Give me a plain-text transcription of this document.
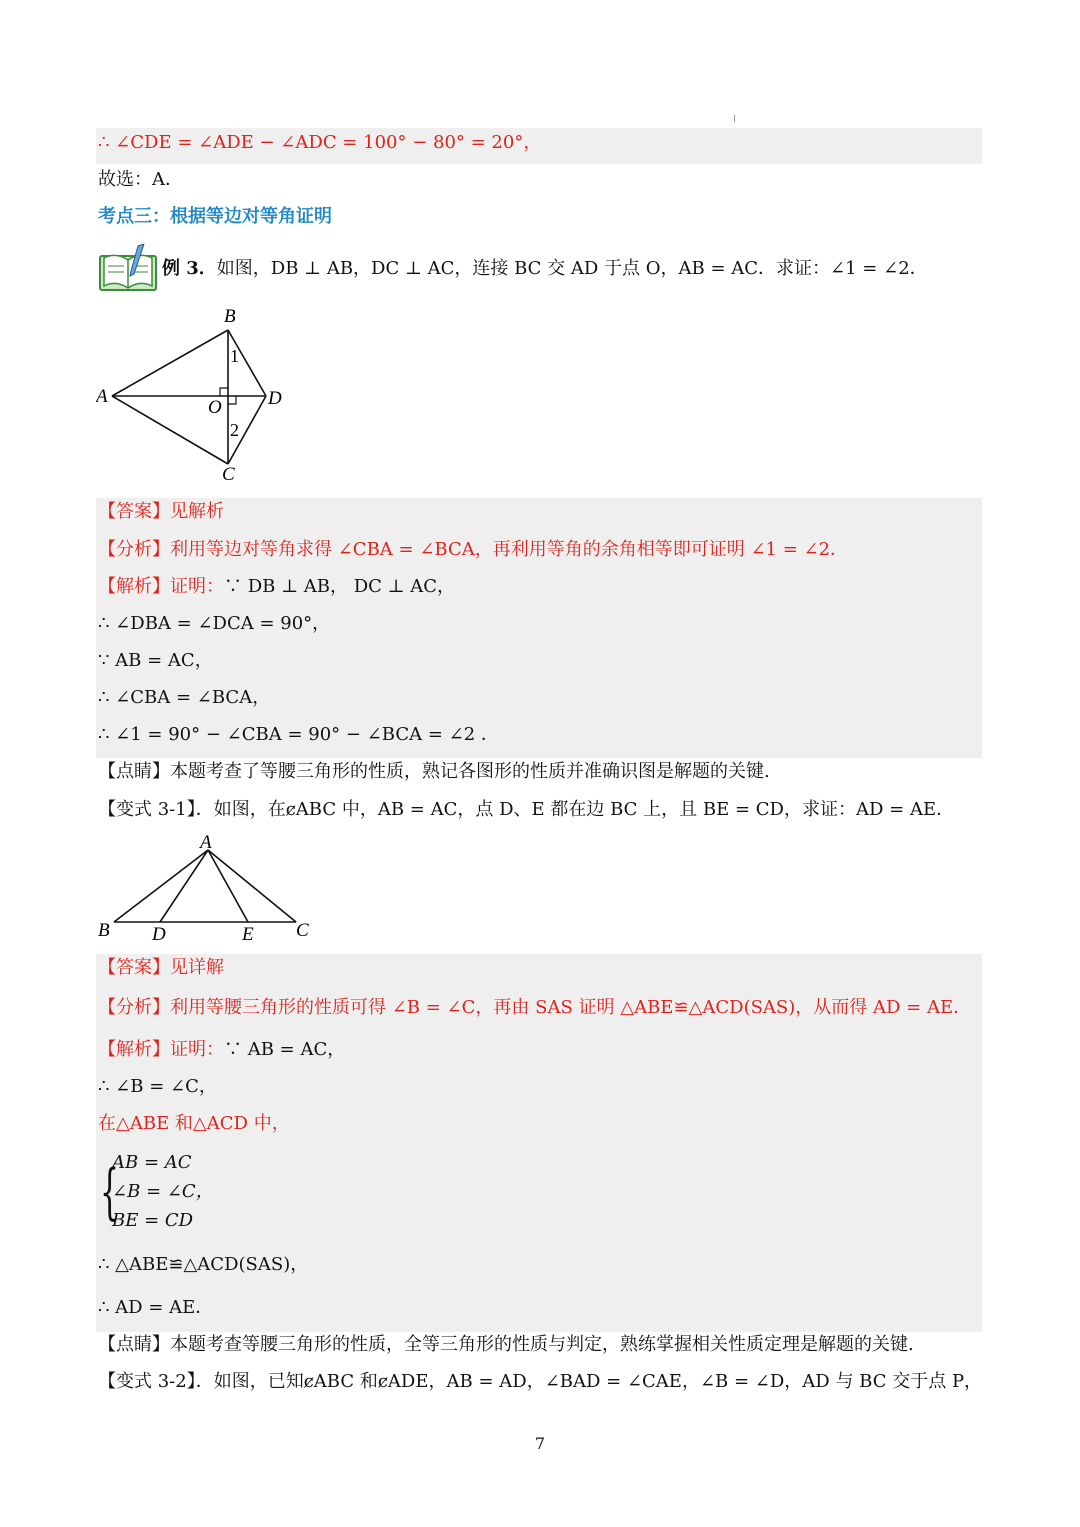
∴ ∠CDE = ∠ADE − ∠ADC = 100° − 80° = 20°，
故选：A．
考点三：根据等边对等角证明
例 3．如图，DB ⊥ AB，DC ⊥ AC，连接 BC 交 AD 于点 O，AB = AC．求证：∠1 = ∠2．
B
A	D
O
C
1
2
【答案】见解析
【分析】利用等边对等角求得 ∠CBA = ∠BCA，再利用等角的余角相等即可证明 ∠1 = ∠2．
【解析】证明：∵ DB ⊥ AB， DC ⊥ AC，
∴ ∠DBA = ∠DCA = 90°，
∵ AB = AC，
∴ ∠CBA = ∠BCA，
∴ ∠1 = 90° − ∠CBA = 90° − ∠BCA = ∠2 ．
【点睛】本题考查了等腰三角形的性质，熟记各图形的性质并准确识图是解题的关键.
【变式 3-1】．如图，在ȼABC 中，AB = AC，点 D、E 都在边 BC 上，且 BE = CD，求证：AD = AE．
A
B D	E C
【答案】见详解
【分析】利用等腰三角形的性质可得 ∠B = ∠C，再由 SAS 证明 △ABE≌△ACD(SAS)，从而得 AD = AE．
【解析】证明：∵ AB = AC，
∴ ∠B = ∠C，
在△ABE 和△ACD 中，
{
AB = AC
∠B = ∠C，
BE = CD
∴ △ABE≌△ACD(SAS)，
∴ AD = AE．
【点睛】本题考查等腰三角形的性质，全等三角形的性质与判定，熟练掌握相关性质定理是解题的关键.
【变式 3-2】．如图，已知ȼABC 和ȼADE，AB = AD，∠BAD = ∠CAE，∠B = ∠D，AD 与 BC 交于点 P，
7
